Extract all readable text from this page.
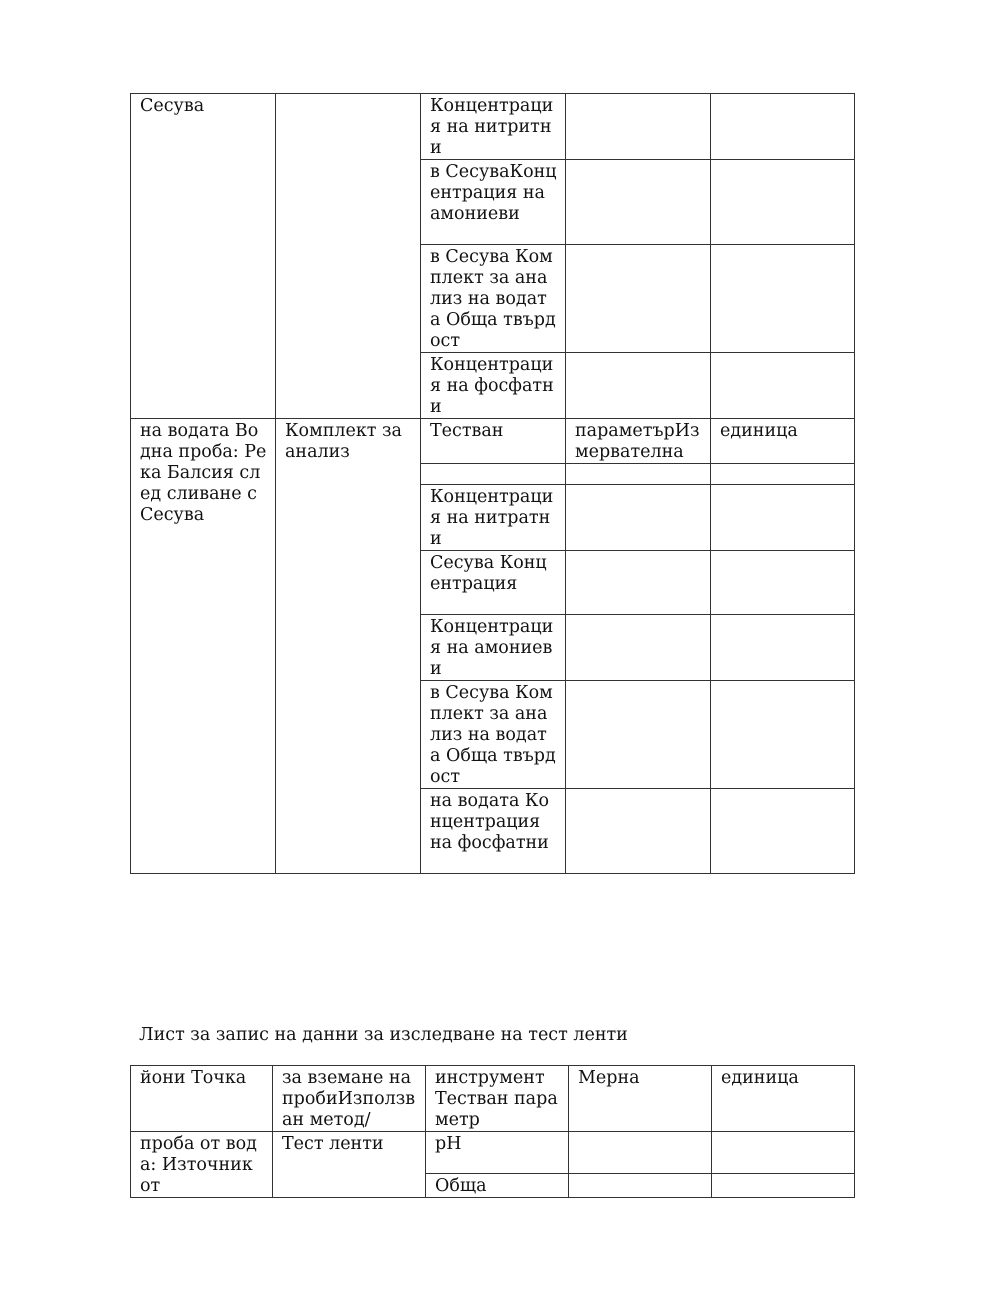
Сесува		Концентрация на нитритни		
		в СесуваКонцентрация на амониеви		
		в Сесува Комплект за анализ на водата Обща твърдост		
		Концентрация на фосфатни		
на водата Водна проба: Река Балсия след сливане с Сесува	Комплект за анализ	Тестван	параметърИзмервателна	единица

		Концентрация на нитратни		
		Сесува Концентрация		
		Концентрация на амониеви		
		в Сесува Комплект за анализ на водата Обща твърдост		
		на водата Концентрация на фосфатни		
Лист за запис на данни за изследване на тест ленти
йони Точка	за вземане на пробиИзползван метод/	инструмент Тестван параметр	Мерна	единица
проба от вода: Източник от	Тест ленти	pH		
		Обща		
